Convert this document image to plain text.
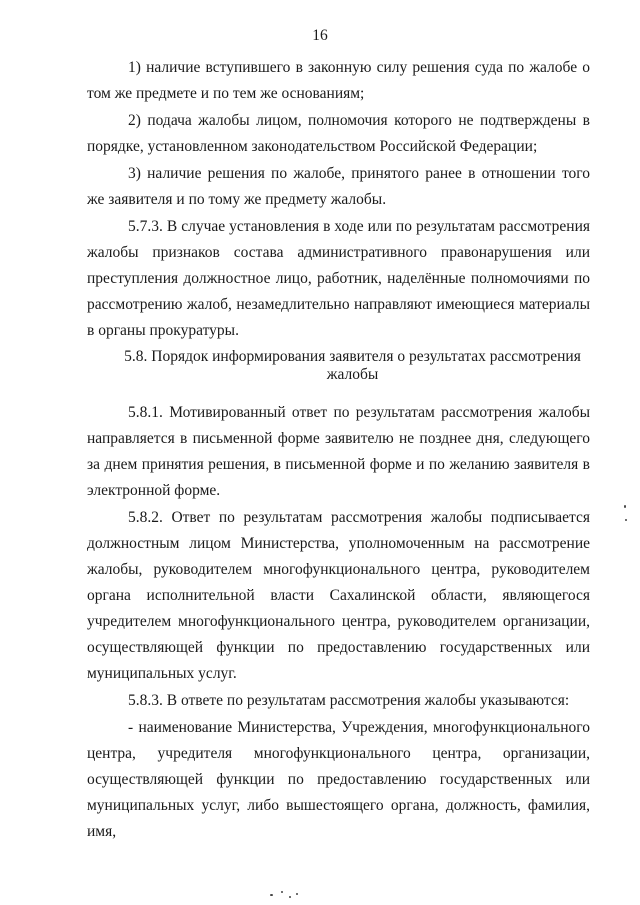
16

1) наличие вступившего в законную силу решения суда по жалобе о том же предмете и по тем же основаниям;

2) подача жалобы лицом, полномочия которого не подтверждены в порядке, установленном законодательством Российской Федерации;

3) наличие решения по жалобе, принятого ранее в отношении того же заявителя и по тому же предмету жалобы.

5.7.3. В случае установления в ходе или по результатам рассмотрения жалобы признаков состава административного правонарушения или преступления должностное лицо, работник, наделённые полномочиями по рассмотрению жалоб, незамедлительно направляют имеющиеся материалы в органы прокуратуры.

5.8. Порядок информирования заявителя о результатах рассмотрения
жалобы

5.8.1. Мотивированный ответ по результатам рассмотрения жалобы направляется в письменной форме заявителю не позднее дня, следующего за днем принятия решения, в письменной форме и по желанию заявителя в электронной форме.

5.8.2. Ответ по результатам рассмотрения жалобы подписывается должностным лицом Министерства, уполномоченным на рассмотрение жалобы, руководителем многофункционального центра, руководителем органа исполнительной власти Сахалинской области, являющегося учредителем многофункционального центра, руководителем организации, осуществляющей функции по предоставлению государственных или муниципальных услуг.

5.8.3. В ответе по результатам рассмотрения жалобы указываются:

- наименование Министерства, Учреждения, многофункционального центра, учредителя многофункционального центра, организации, осуществляющей функции по предоставлению государственных или муниципальных услуг, либо вышестоящего органа, должность, фамилия, имя,
